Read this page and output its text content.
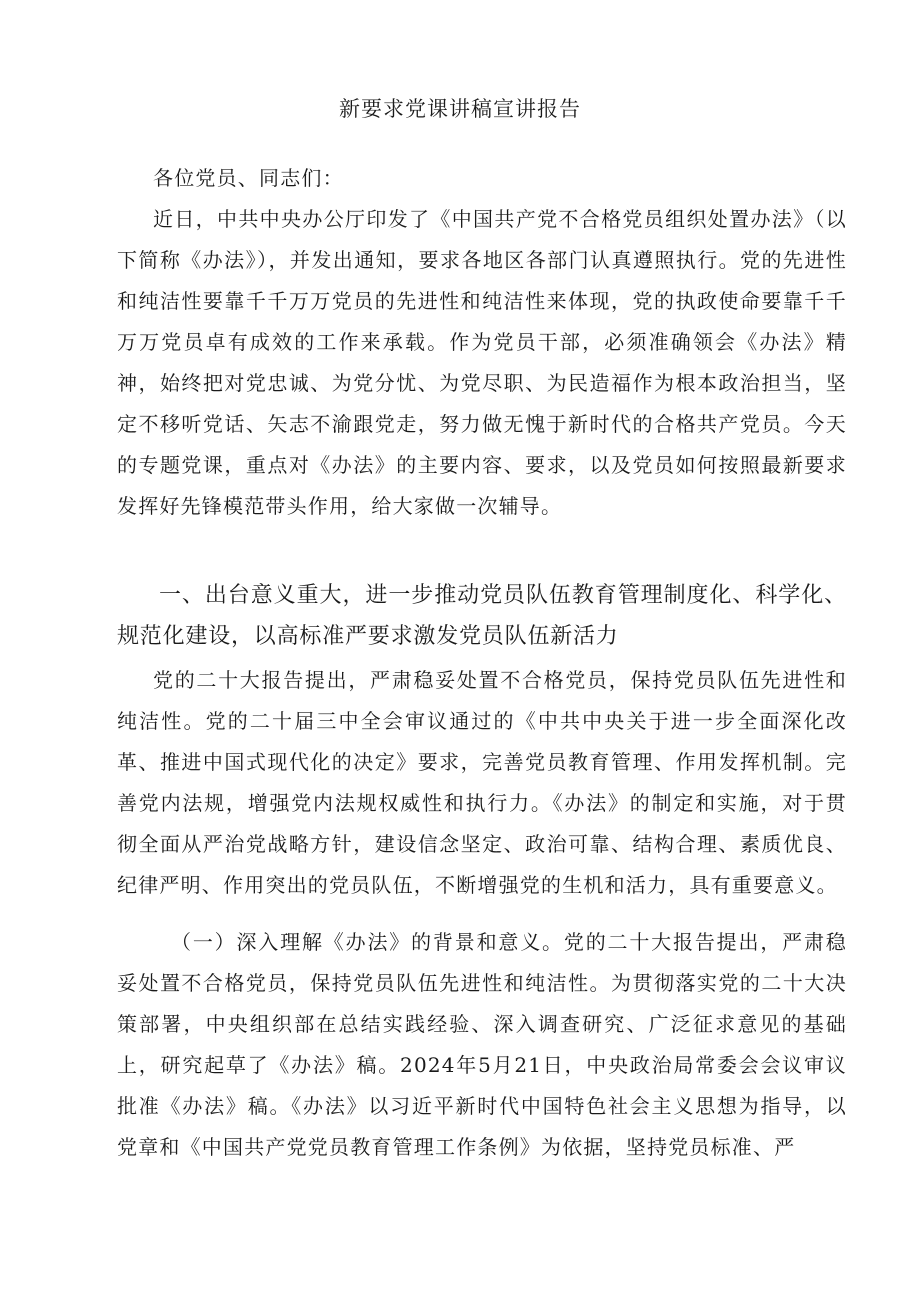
新要求党课讲稿宣讲报告
各位党员、同志们：
近日，中共中央办公厅印发了《中国共产党不合格党员组织处置办法》（以下简称《办法》），并发出通知，要求各地区各部门认真遵照执行。党的先进性和纯洁性要靠千千万万党员的先进性和纯洁性来体现，党的执政使命要靠千千万万党员卓有成效的工作来承载。作为党员干部，必须准确领会《办法》精神，始终把对党忠诚、为党分忧、为党尽职、为民造福作为根本政治担当，坚定不移听党话、矢志不渝跟党走，努力做无愧于新时代的合格共产党员。今天的专题党课，重点对《办法》的主要内容、要求，以及党员如何按照最新要求发挥好先锋模范带头作用，给大家做一次辅导。
一、出台意义重大，进一步推动党员队伍教育管理制度化、科学化、规范化建设，以高标准严要求激发党员队伍新活力
党的二十大报告提出，严肃稳妥处置不合格党员，保持党员队伍先进性和纯洁性。党的二十届三中全会审议通过的《中共中央关于进一步全面深化改革、推进中国式现代化的决定》要求，完善党员教育管理、作用发挥机制。完善党内法规，增强党内法规权威性和执行力。《办法》的制定和实施，对于贯彻全面从严治党战略方针，建设信念坚定、政治可靠、结构合理、素质优良、纪律严明、作用突出的党员队伍，不断增强党的生机和活力，具有重要意义。
（一）深入理解《办法》的背景和意义。党的二十大报告提出，严肃稳妥处置不合格党员，保持党员队伍先进性和纯洁性。为贯彻落实党的二十大决策部署，中央组织部在总结实践经验、深入调查研究、广泛征求意见的基础上，研究起草了《办法》稿。2024年5月21日，中央政治局常委会会议审议批准《办法》稿。《办法》以习近平新时代中国特色社会主义思想为指导，以党章和《中国共产党党员教育管理工作条例》为依据，坚持党员标准、严
